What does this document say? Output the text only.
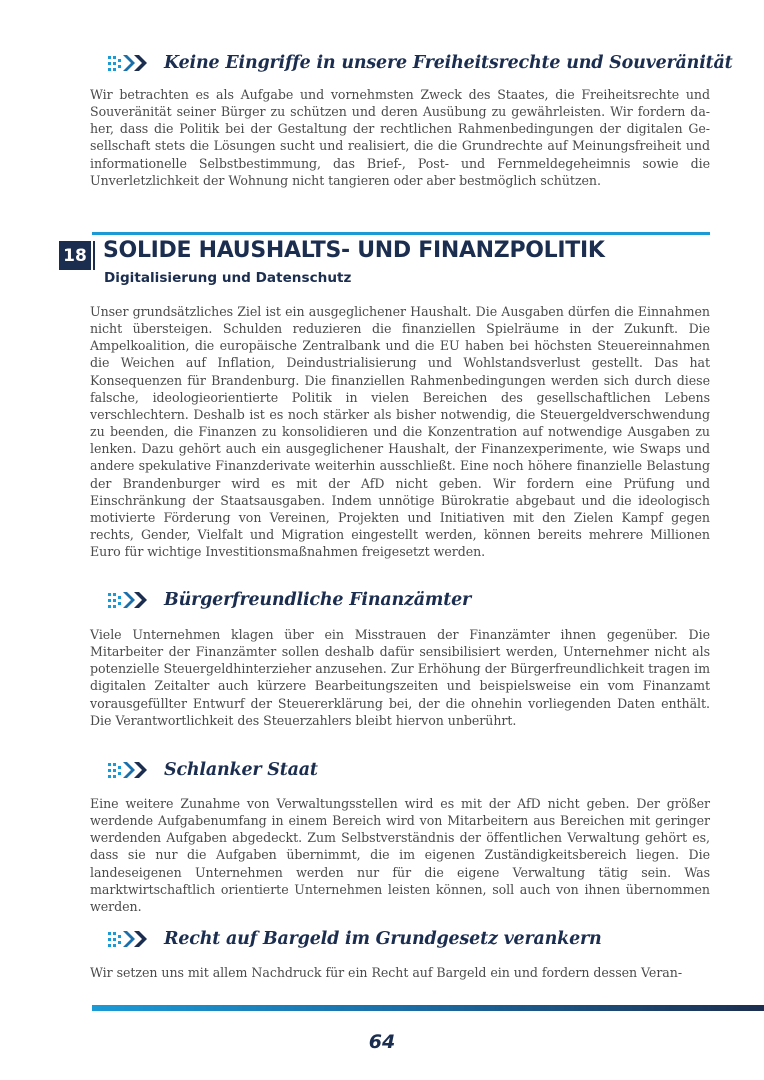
Keine Eingriffe in unsere Freiheitsrechte und Souveränität
Wir betrachten es als Aufgabe und vornehmsten Zweck des Staates, die Freiheitsrechte und Souveränität seiner Bürger zu schützen und deren Ausübung zu gewährleisten. Wir fordern da-her, dass die Politik bei der Gestaltung der rechtlichen Rahmenbedingungen der digitalen Ge-sellschaft stets die Lösungen sucht und realisiert, die die Grundrechte auf Meinungsfreiheit und informationelle Selbstbestimmung, das Brief-, Post- und Fernmeldegeheimnis sowie die Unverletzlichkeit der Wohnung nicht tangieren oder aber bestmöglich schützen.
18 SOLIDE HAUSHALTS- UND FINANZPOLITIK
Digitalisierung und Datenschutz
Unser grundsätzliches Ziel ist ein ausgeglichener Haushalt. Die Ausgaben dürfen die Einnahmen nicht übersteigen. Schulden reduzieren die finanziellen Spielräume in der Zukunft. Die Ampelkoalition, die europäische Zentralbank und die EU haben bei höchsten Steuereinnahmen die Weichen auf Inflation, Deindustrialisierung und Wohlstandsverlust gestellt. Das hat Konsequenzen für Brandenburg. Die finanziellen Rahmenbedingungen werden sich durch diese falsche, ideologieorientierte Politik in vielen Bereichen des gesellschaftlichen Lebens verschlechtern. Deshalb ist es noch stärker als bisher notwendig, die Steuergeldverschwendung zu beenden, die Finanzen zu konsolidieren und die Konzentration auf notwendige Ausgaben zu lenken. Dazu gehört auch ein ausgeglichener Haushalt, der Finanzexperimente, wie Swaps und andere spekulative Finanzderivate weiterhin ausschließt. Eine noch höhere finanzielle Belastung der Brandenburger wird es mit der AfD nicht geben. Wir fordern eine Prüfung und Einschränkung der Staatsausgaben. Indem unnötige Bürokratie abgebaut und die ideologisch motivierte Förderung von Vereinen, Projekten und Initiativen mit den Zielen Kampf gegen rechts, Gender, Vielfalt und Migration eingestellt werden, können bereits mehrere Millionen Euro für wichtige Investitionsmaßnahmen freigesetzt werden.
Bürgerfreundliche Finanzämter
Viele Unternehmen klagen über ein Misstrauen der Finanzämter ihnen gegenüber. Die Mitarbeiter der Finanzämter sollen deshalb dafür sensibilisiert werden, Unternehmer nicht als potenzielle Steuergeldhinterzieher anzusehen. Zur Erhöhung der Bürgerfreundlichkeit tragen im digitalen Zeitalter auch kürzere Bearbeitungszeiten und beispielsweise ein vom Finanzamt vorausgefüllter Entwurf der Steuererklärung bei, der die ohnehin vorliegenden Daten enthält. Die Verantwortlichkeit des Steuerzahlers bleibt hiervon unberührt.
Schlanker Staat
Eine weitere Zunahme von Verwaltungsstellen wird es mit der AfD nicht geben. Der größer werdende Aufgabenumfang in einem Bereich wird von Mitarbeitern aus Bereichen mit geringer werdenden Aufgaben abgedeckt. Zum Selbstverständnis der öffentlichen Verwaltung gehört es, dass sie nur die Aufgaben übernimmt, die im eigenen Zuständigkeitsbereich liegen. Die landeseigenen Unternehmen werden nur für die eigene Verwaltung tätig sein. Was marktwirtschaftlich orientierte Unternehmen leisten können, soll auch von ihnen übernommen werden.
Recht auf Bargeld im Grundgesetz verankern
Wir setzen uns mit allem Nachdruck für ein Recht auf Bargeld ein und fordern dessen Veran-
64
